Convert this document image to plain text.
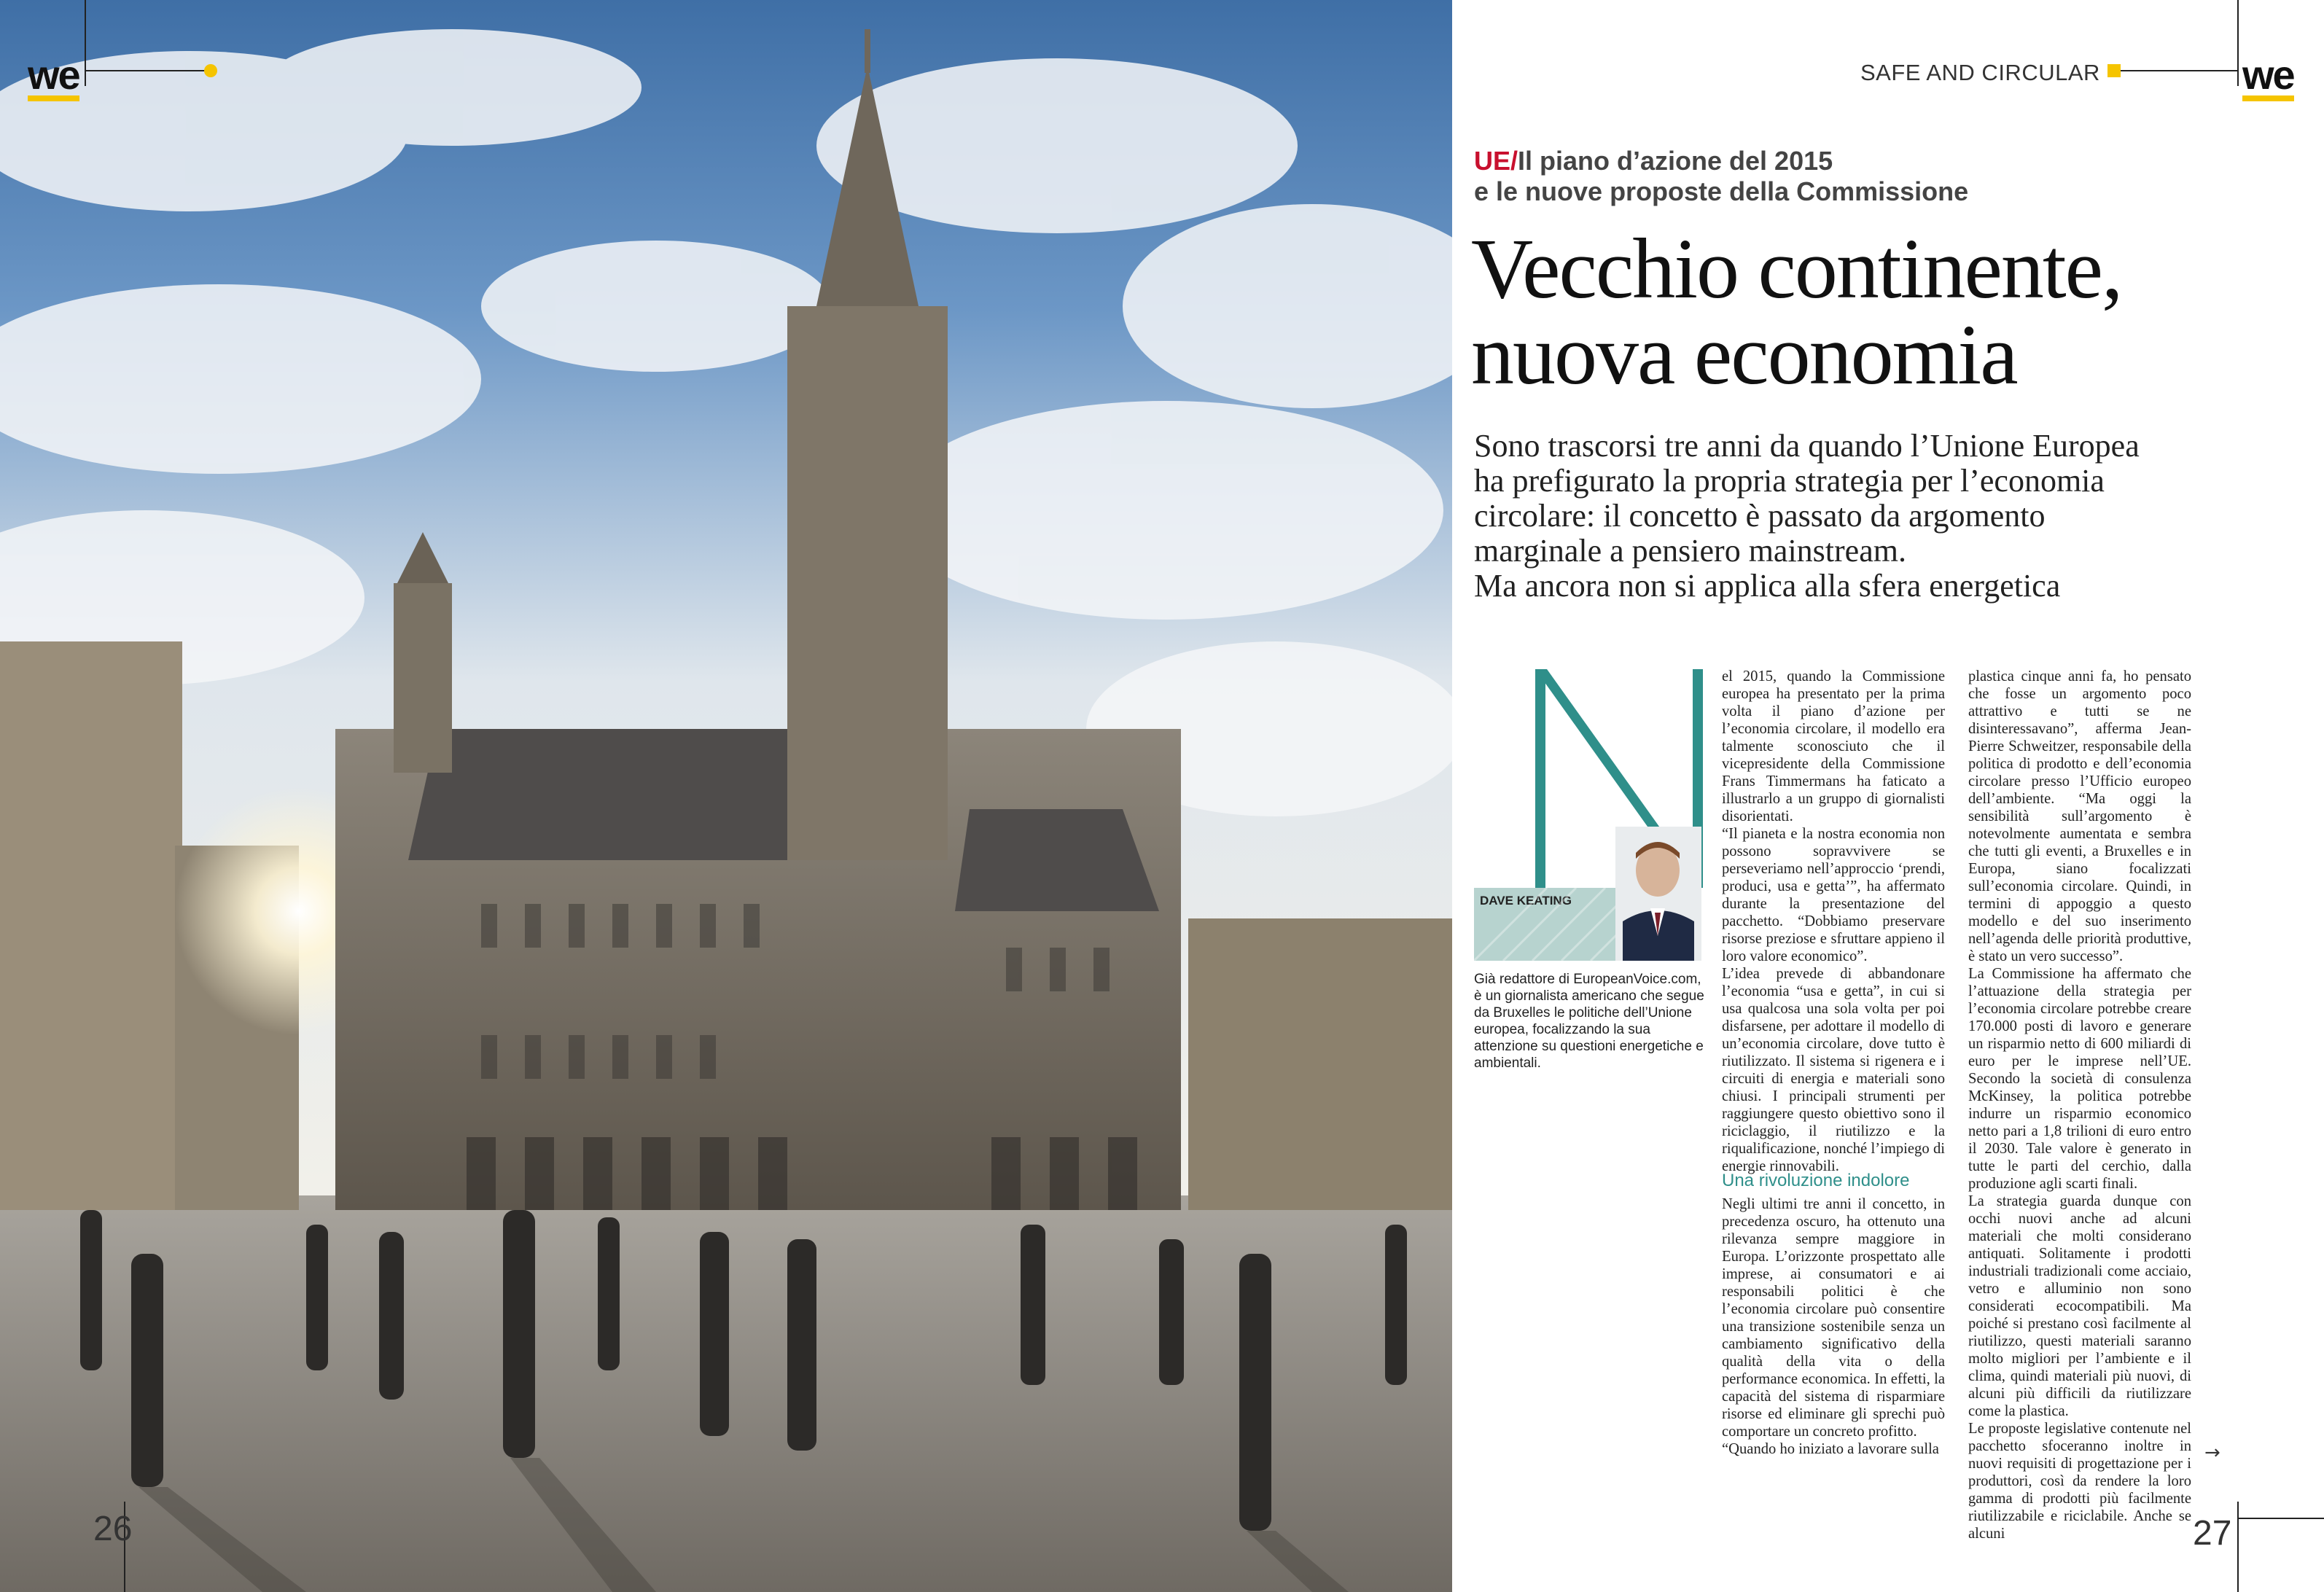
we
26
SAFE AND CIRCULAR	we
UE/Il piano d’azione del 2015
e le nuove proposte della Commissione
Vecchio continente,
nuova economia
Sono trascorsi tre anni da quando l’Unione Europea
ha prefigurato la propria strategia per l’economia
circolare: il concetto è passato da argomento
marginale a pensiero mainstream.
Ma ancora non si applica alla sfera energetica
DAVE KEATING
Già redattore di EuropeanVoice.com, è un giornalista americano che segue da Bruxelles le politiche dell’Unione europea, focalizzando la sua attenzione su questioni energetiche e ambientali.

el 2015, quando la Commissione europea ha presentato per la prima volta il piano d’azione per l’economia circolare, il modello era talmente sconosciuto che il vicepresidente della Commissione Frans Timmermans ha faticato a illustrarlo a un gruppo di giornalisti disorientati.

“Il pianeta e la nostra economia non possono sopravvivere se perseveriamo nell’approccio ‘prendi, produci, usa e getta’”, ha affermato durante la presentazione del pacchetto. “Dobbiamo preservare risorse preziose e sfruttare appieno il loro valore economico”.

L’idea prevede di abbandonare l’economia “usa e getta”, in cui si usa qualcosa una sola volta per poi disfarsene, per adottare il modello di un’economia circolare, dove tutto è riutilizzato. Il sistema si rigenera e i circuiti di energia e materiali sono chiusi. I principali strumenti per raggiungere questo obiettivo sono il riciclaggio, il riutilizzo e la riqualificazione, nonché l’impiego di energie rinnovabili.

Una rivoluzione indolore

Negli ultimi tre anni il concetto, in precedenza oscuro, ha ottenuto una rilevanza sempre maggiore in Europa. L’orizzonte prospettato alle imprese, ai consumatori e ai responsabili politici è che l’economia circolare può consentire una transizione sostenibile senza un cambiamento significativo della qualità della vita o della performance economica. In effetti, la capacità del sistema di risparmiare risorse ed eliminare gli sprechi può comportare un concreto profitto.

“Quando ho iniziato a lavorare sulla

plastica cinque anni fa, ho pensato che fosse un argomento poco attrattivo e tutti se ne disinteressavano”, afferma Jean-Pierre Schweitzer, responsabile della politica di prodotto e dell’economia circolare presso l’Ufficio europeo dell’ambiente. “Ma oggi la sensibilità sull’argomento è notevolmente aumentata e sembra che tutti gli eventi, a Bruxelles e in Europa, siano focalizzati sull’economia circolare. Quindi, in termini di appoggio a questo modello e del suo inserimento nell’agenda delle priorità produttive, è stato un vero successo”.

La Commissione ha affermato che l’attuazione della strategia per l’economia circolare potrebbe creare 170.000 posti di lavoro e generare un risparmio netto di 600 miliardi di euro per le imprese nell’UE. Secondo la società di consulenza McKinsey, la politica potrebbe indurre un risparmio economico netto pari a 1,8 trilioni di euro entro il 2030. Tale valore è generato in tutte le parti del cerchio, dalla produzione agli scarti finali.

La strategia guarda dunque con occhi nuovi anche ad alcuni materiali che molti considerano antiquati. Solitamente i prodotti industriali tradizionali come acciaio, vetro e alluminio non sono considerati ecocompatibili. Ma poiché si prestano così facilmente al riutilizzo, questi materiali saranno molto migliori per l’ambiente e il clima, quindi materiali più nuovi, di alcuni più difficili da riutilizzare come la plastica.

Le proposte legislative contenute nel pacchetto sfoceranno inoltre in nuovi requisiti di progettazione per i produttori, così da rendere la loro gamma di prodotti più facilmente riutilizzabile e riciclabile. Anche se alcuni

→
27
